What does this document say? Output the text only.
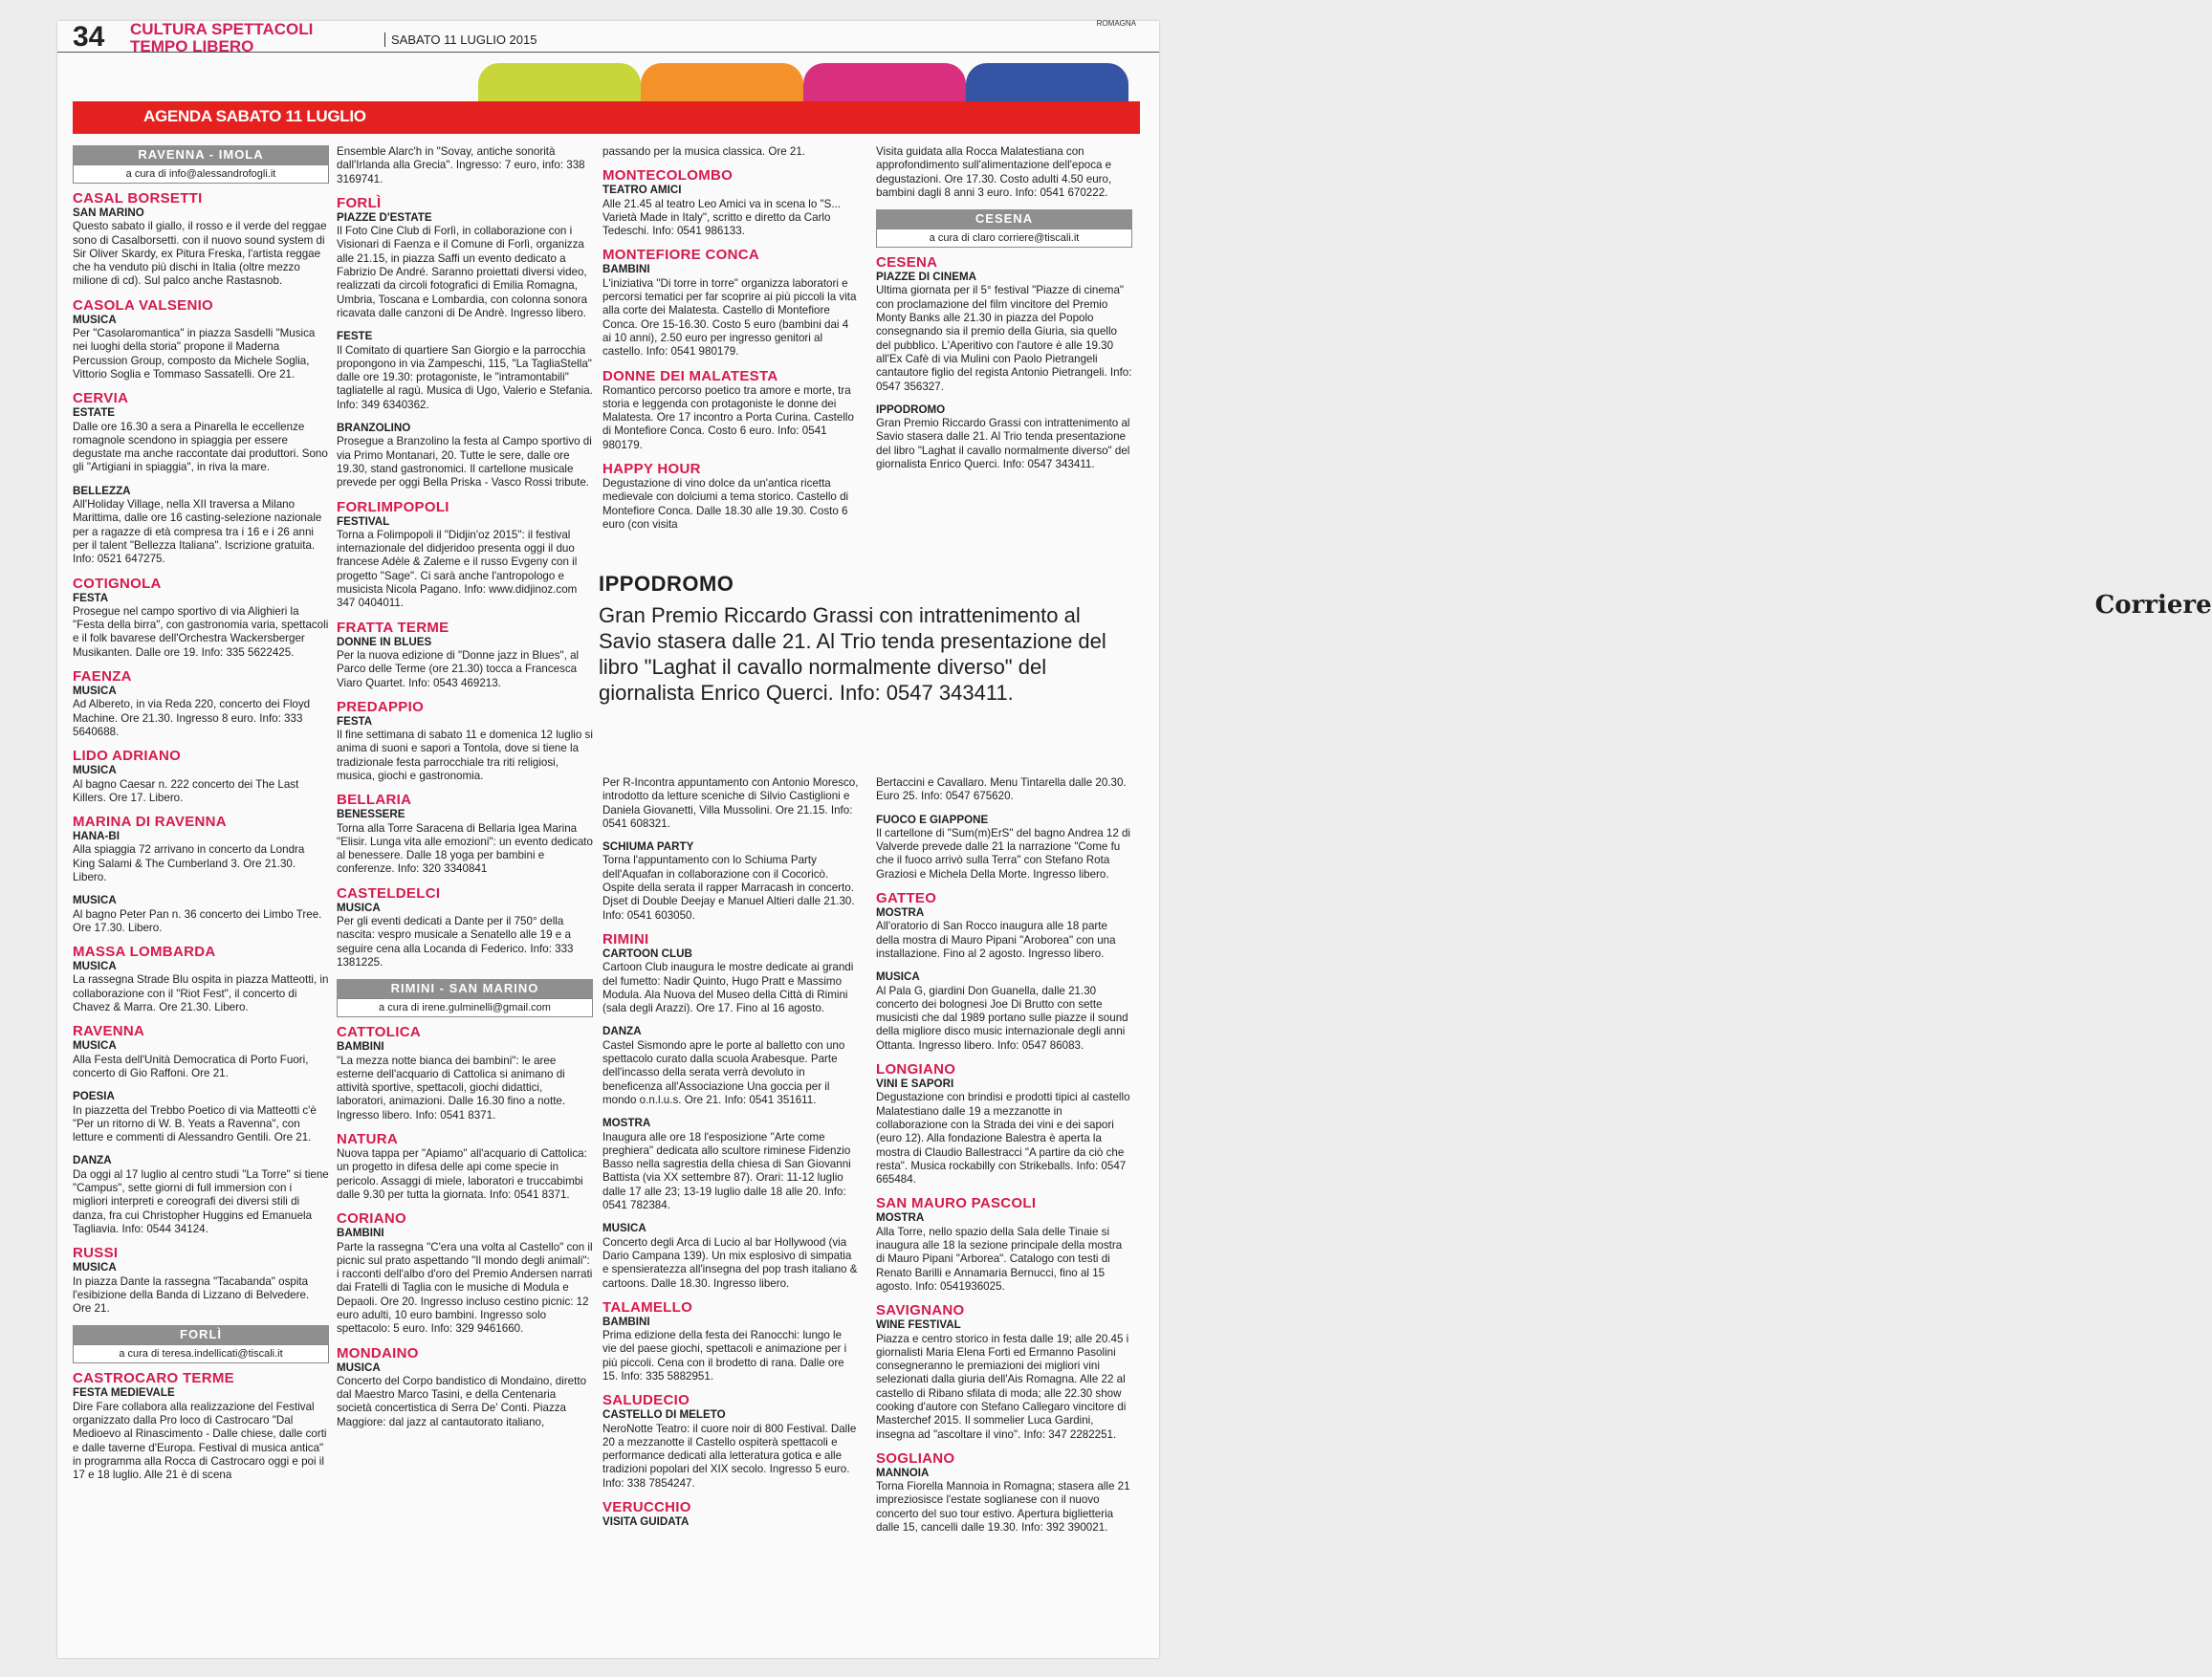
34 CULTURA SPETTACOLI
TEMPO LIBERO	SABATO 11 LUGLIO 2015
ROMAGNA
Corriere
AGENDA SABATO 11 LUGLIO
RAVENNA - IMOLA
a cura di info@alessandrofogli.it
CASAL BORSETTI
SAN MARINO

Questo sabato il giallo, il rosso e il verde del reggae sono di Casalborsetti. con il nuovo sound system di Sir Oliver Skardy, ex Pitura Freska, l'artista reggae che ha venduto più dischi in Italia (oltre mezzo milione di cd). Sul palco anche Rastasnob.

CASOLA VALSENIO
MUSICA

Per "Casolaromantica" in piazza Sasdelli "Musica nei luoghi della storia" propone il Maderna Percussion Group, composto da Michele Soglia, Vittorio Soglia e Tommaso Sassatelli. Ore 21.

CERVIA
ESTATE

Dalle ore 16.30 a sera a Pinarella le eccellenze romagnole scendono in spiaggia per essere degustate ma anche raccontate dai produttori. Sono gli "Artigiani in spiaggia", in riva la mare.

BELLEZZA

All'Holiday Village, nella XII traversa a Milano Marittima, dalle ore 16 casting-selezione nazionale per a ragazze di età compresa tra i 16 e i 26 anni per il talent "Bellezza Italiana". Iscrizione gratuita. Info: 0521 647275.

COTIGNOLA
FESTA

Prosegue nel campo sportivo di via Alighieri la "Festa della birra", con gastronomia varia, spettacoli e il folk bavarese dell'Orchestra Wackersberger Musikanten. Dalle ore 19. Info: 335 5622425.

FAENZA
MUSICA

Ad Albereto, in via Reda 220, concerto dei Floyd Machine. Ore 21.30. Ingresso 8 euro. Info: 333 5640688.

LIDO ADRIANO
MUSICA

Al bagno Caesar n. 222 concerto dei The Last Killers. Ore 17. Libero.

MARINA DI RAVENNA
HANA-BI

Alla spiaggia 72 arrivano in concerto da Londra King Salami & The Cumberland 3. Ore 21.30. Libero.

MUSICA

Al bagno Peter Pan n. 36 concerto dei Limbo Tree. Ore 17.30. Libero.

MASSA LOMBARDA
MUSICA

La rassegna Strade Blu ospita in piazza Matteotti, in collaborazione con il "Riot Fest", il concerto di Chavez & Marra. Ore 21.30. Libero.

RAVENNA
MUSICA

Alla Festa dell'Unità Democratica di Porto Fuori, concerto di Gio Raffoni. Ore 21.

POESIA

In piazzetta del Trebbo Poetico di via Matteotti c'è "Per un ritorno di W. B. Yeats a Ravenna", con letture e commenti di Alessandro Gentili. Ore 21.

DANZA

Da oggi al 17 luglio al centro studi "La Torre" si tiene "Campus", sette giorni di full immersion con i migliori interpreti e coreografi dei diversi stili di danza, fra cui Christopher Huggins ed Emanuela Tagliavia. Info: 0544 34124.

RUSSI
MUSICA

In piazza Dante la rassegna "Tacabanda" ospita l'esibizione della Banda di Lizzano di Belvedere. Ore 21.

FORLÌ
a cura di teresa.indellicati@tiscali.it
CASTROCARO TERME
FESTA MEDIEVALE

Dire Fare collabora alla realizzazione del Festival organizzato dalla Pro loco di Castrocaro "Dal Medioevo al Rinascimento - Dalle chiese, dalle corti e dalle taverne d'Europa. Festival di musica antica" in programma alla Rocca di Castrocaro oggi e poi il 17 e 18 luglio. Alle 21 è di scena

Ensemble Alarc'h in "Sovay, antiche sonorità dall'Irlanda alla Grecia". Ingresso: 7 euro, info: 338 3169741.

FORLÌ
PIAZZE D'ESTATE

Il Foto Cine Club di Forlì, in collaborazione con i Visionari di Faenza e il Comune di Forlì, organizza alle 21.15, in piazza Saffi un evento dedicato a Fabrizio De André. Saranno proiettati diversi video, realizzati da circoli fotografici di Emilia Romagna, Umbria, Toscana e Lombardia, con colonna sonora ricavata dalle canzoni di De Andrè. Ingresso libero.

FESTE

Il Comitato di quartiere San Giorgio e la parrocchia propongono in via Zampeschi, 115, "La TagliaStella" dalle ore 19.30: protagoniste, le "intramontabili" tagliatelle al ragù. Musica di Ugo, Valerio e Stefania. Info: 349 6340362.

BRANZOLINO

Prosegue a Branzolino la festa al Campo sportivo di via Primo Montanari, 20. Tutte le sere, dalle ore 19.30, stand gastronomici. Il cartellone musicale prevede per oggi Bella Priska - Vasco Rossi tribute.

FORLIMPOPOLI
FESTIVAL

Torna a Folimpopoli il "Didjin'oz 2015": il festival internazionale del didjeridoo presenta oggi il duo francese Adèle & Zaleme e il russo Evgeny con il progetto "Sage". Ci sarà anche l'antropologo e musicista Nicola Pagano. Info: www.didjinoz.com 347 0404011.

FRATTA TERME
DONNE IN BLUES

Per la nuova edizione di "Donne jazz in Blues", al Parco delle Terme (ore 21.30) tocca a Francesca Viaro Quartet. Info: 0543 469213.

PREDAPPIO
FESTA

Il fine settimana di sabato 11 e domenica 12 luglio si anima di suoni e sapori a Tontola, dove si tiene la tradizionale festa parrocchiale tra riti religiosi, musica, giochi e gastronomia.

BELLARIA
BENESSERE

Torna alla Torre Saracena di Bellaria Igea Marina "Elisir. Lunga vita alle emozioni": un evento dedicato al benessere. Dalle 18 yoga per bambini e conferenze. Info: 320 3340841

CASTELDELCI
MUSICA

Per gli eventi dedicati a Dante per il 750° della nascita: vespro musicale a Senatello alle 19 e a seguire cena alla Locanda di Federico. Info: 333 1381225.

RIMINI - SAN MARINO
a cura di irene.gulminelli@gmail.com
CATTOLICA
BAMBINI

"La mezza notte bianca dei bambini": le aree esterne dell'acquario di Cattolica si animano di attività sportive, spettacoli, giochi didattici, laboratori, animazioni. Dalle 16.30 fino a notte. Ingresso libero. Info: 0541 8371.

NATURA

Nuova tappa per "Apiamo" all'acquario di Cattolica: un progetto in difesa delle api come specie in pericolo. Assaggi di miele, laboratori e truccabimbi dalle 9.30 per tutta la giornata. Info: 0541 8371.

CORIANO
BAMBINI

Parte la rassegna "C'era una volta al Castello" con il picnic sul prato aspettando "Il mondo degli animali": i racconti dell'albo d'oro del Premio Andersen narrati dai Fratelli di Taglia con le musiche di Modula e Depaoli. Ore 20. Ingresso incluso cestino picnic: 12 euro adulti, 10 euro bambini. Ingresso solo spettacolo: 5 euro. Info: 329 9461660.

MONDAINO
MUSICA

Concerto del Corpo bandistico di Mondaino, diretto dal Maestro Marco Tasini, e della Centenaria società concertistica di Serra De' Conti. Piazza Maggiore: dal jazz al cantautorato italiano,

passando per la musica classica. Ore 21.

MONTECOLOMBO
TEATRO AMICI

Alle 21.45 al teatro Leo Amici va in scena lo "S... Varietà Made in Italy", scritto e diretto da Carlo Tedeschi. Info: 0541 986133.

MONTEFIORE CONCA
BAMBINI

L'iniziativa "Di torre in torre" organizza laboratori e percorsi tematici per far scoprire ai più piccoli la vita alla corte dei Malatesta. Castello di Montefiore Conca. Ore 15-16.30. Costo 5 euro (bambini dai 4 ai 10 anni), 2.50 euro per ingresso genitori al castello. Info: 0541 980179.

DONNE DEI MALATESTA

Romantico percorso poetico tra amore e morte, tra storia e leggenda con protagoniste le donne dei Malatesta. Ore 17 incontro a Porta Curina. Castello di Montefiore Conca. Costo 6 euro. Info: 0541 980179.

HAPPY HOUR

Degustazione di vino dolce da un'antica ricetta medievale con dolciumi a tema storico. Castello di Montefiore Conca. Dalle 18.30 alle 19.30. Costo 6 euro (con visita

IPPODROMO
Gran Premio Riccardo Grassi con intrattenimento al Savio stasera dalle 21. Al Trio tenda presentazione del libro "Laghat il cavallo normalmente diverso" del giornalista Enrico Querci. Info: 0547 343411.

Per R-Incontra appuntamento con Antonio Moresco, introdotto da letture sceniche di Silvio Castiglioni e Daniela Giovanetti, Villa Mussolini. Ore 21.15. Info: 0541 608321.

SCHIUMA PARTY

Torna l'appuntamento con lo Schiuma Party dell'Aquafan in collaborazione con il Cocoricò. Ospite della serata il rapper Marracash in concerto. Djset di Double Deejay e Manuel Altieri dalle 21.30. Info: 0541 603050.

RIMINI
CARTOON CLUB

Cartoon Club inaugura le mostre dedicate ai grandi del fumetto: Nadir Quinto, Hugo Pratt e Massimo Modula. Ala Nuova del Museo della Città di Rimini (sala degli Arazzi). Ore 17. Fino al 16 agosto.

DANZA

Castel Sismondo apre le porte al balletto con uno spettacolo curato dalla scuola Arabesque. Parte dell'incasso della serata verrà devoluto in beneficenza all'Associazione Una goccia per il mondo o.n.l.u.s. Ore 21. Info: 0541 351611.

MOSTRA

Inaugura alle ore 18 l'esposizione "Arte come preghiera" dedicata allo scultore riminese Fidenzio Basso nella sagrestia della chiesa di San Giovanni Battista (via XX settembre 87). Orari: 11-12 luglio dalle 17 alle 23; 13-19 luglio dalle 18 alle 20. Info: 0541 782384.

MUSICA

Concerto degli Arca di Lucio al bar Hollywood (via Dario Campana 139). Un mix esplosivo di simpatia e spensieratezza all'insegna del pop trash italiano & cartoons. Dalle 18.30. Ingresso libero.

TALAMELLO
BAMBINI

Prima edizione della festa dei Ranocchi: lungo le vie del paese giochi, spettacoli e animazione per i più piccoli. Cena con il brodetto di rana. Dalle ore 15. Info: 335 5882951.

SALUDECIO
CASTELLO DI MELETO

NeroNotte Teatro: il cuore noir di 800 Festival. Dalle 20 a mezzanotte il Castello ospiterà spettacoli e performance dedicati alla letteratura gotica e alle tradizioni popolari del XIX secolo. Ingresso 5 euro. Info: 338 7854247.

VERUCCHIO
VISITA GUIDATA

Visita guidata alla Rocca Malatestiana con approfondimento sull'alimentazione dell'epoca e degustazioni. Ore 17.30. Costo adulti 4.50 euro, bambini dagli 8 anni 3 euro. Info: 0541 670222.

CESENA
a cura di claro corriere@tiscali.it
CESENA
PIAZZE DI CINEMA

Ultima giornata per il 5° festival "Piazze di cinema" con proclamazione del film vincitore del Premio Monty Banks alle 21.30 in piazza del Popolo consegnando sia il premio della Giuria, sia quello del pubblico. L'Aperitivo con l'autore è alle 19.30 all'Ex Cafè di via Mulini con Paolo Pietrangeli cantautore figlio del regista Antonio Pietrangeli. Info: 0547 356327.

IPPODROMO

Gran Premio Riccardo Grassi con intrattenimento al Savio stasera dalle 21. Al Trio tenda presentazione del libro "Laghat il cavallo normalmente diverso" del giornalista Enrico Querci. Info: 0547 343411.

Bertaccini e Cavallaro. Menu Tintarella dalle 20.30. Euro 25. Info: 0547 675620.

FUOCO E GIAPPONE

Il cartellone di "Sum(m)ErS" del bagno Andrea 12 di Valverde prevede dalle 21 la narrazione "Come fu che il fuoco arrivò sulla Terra" con Stefano Rota Graziosi e Michela Della Morte. Ingresso libero.

GATTEO
MOSTRA

All'oratorio di San Rocco inaugura alle 18 parte della mostra di Mauro Pipani "Aroborea" con una installazione. Fino al 2 agosto. Ingresso libero.

MUSICA

Al Pala G, giardini Don Guanella, dalle 21.30 concerto dei bolognesi Joe Di Brutto con sette musicisti che dal 1989 portano sulle piazze il sound della migliore disco music internazionale degli anni Ottanta. Ingresso libero. Info: 0547 86083.

LONGIANO
VINI E SAPORI

Degustazione con brindisi e prodotti tipici al castello Malatestiano dalle 19 a mezzanotte in collaborazione con la Strada dei vini e dei sapori (euro 12). Alla fondazione Balestra è aperta la mostra di Claudio Ballestracci "A partire da ciò che resta". Musica rockabilly con Strikeballs. Info: 0547 665484.

SAN MAURO PASCOLI
MOSTRA

Alla Torre, nello spazio della Sala delle Tinaie si inaugura alle 18 la sezione principale della mostra di Mauro Pipani "Arborea". Catalogo con testi di Renato Barilli e Annamaria Bernucci, fino al 15 agosto. Info: 0541936025.

SAVIGNANO
WINE FESTIVAL

Piazza e centro storico in festa dalle 19; alle 20.45 i giornalisti Maria Elena Forti ed Ermanno Pasolini consegneranno le premiazioni dei migliori vini selezionati dalla giuria dell'Ais Romagna. Alle 22 al castello di Ribano sfilata di moda; alle 22.30 show cooking d'autore con Stefano Callegaro vincitore di Masterchef 2015. Il sommelier Luca Gardini, insegna ad "ascoltare il vino". Info: 347 2282251.

SOGLIANO
MANNOIA

Torna Fiorella Mannoia in Romagna; stasera alle 21 impreziosisce l'estate soglianese con il nuovo concerto del suo tour estivo. Apertura biglietteria dalle 15, cancelli dalle 19.30. Info: 392 390021.
